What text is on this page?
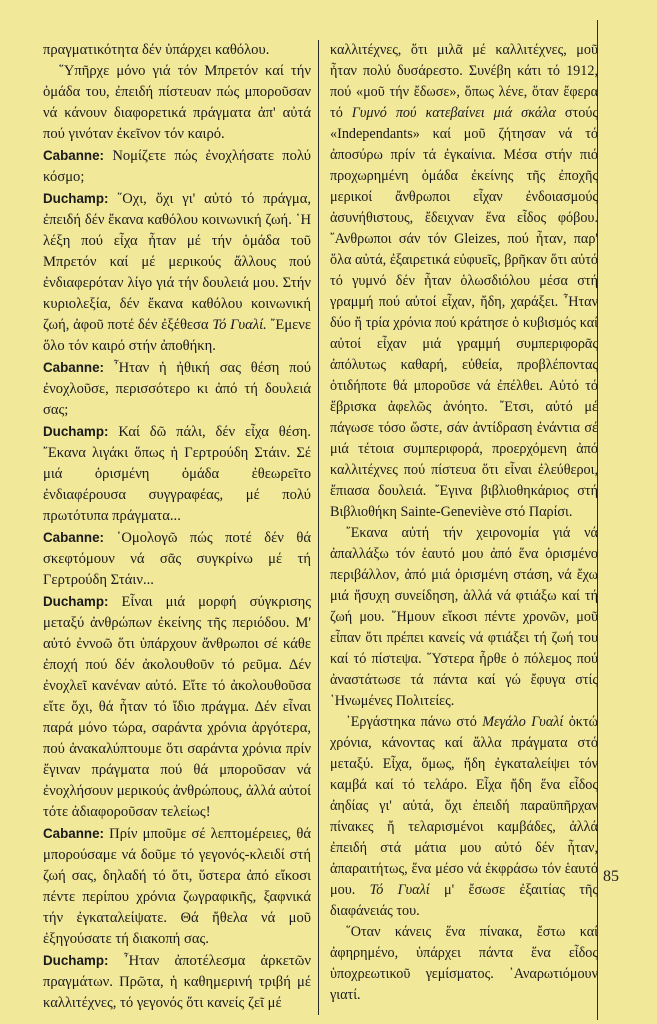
πραγματικότητα δέν ὑπάρχει καθόλου.

῞Υπῆρχε μόνο γιά τόν Μπρετόν καί τήν ὁμάδα του, ἐπειδή πίστευαν πώς μποροῦσαν νά κάνουν διαφορετικά πράγματα ἀπ' αὐτά πού γινόταν ἐκεῖνον τόν καιρό.

Cabanne: Νομίζετε πώς ἐνοχλήσατε πολύ κόσμο;

Duchamp: ῞Οχι, ὄχι γι' αὐτό τό πράγμα, ἐπειδή δέν ἔκανα καθόλου κοινωνική ζωή. ῾Η λέξη πού εἶχα ἦταν μέ τήν ὁμάδα τοῦ Μπρετόν καί μέ μερικούς ἄλλους πού ἐνδιαφερόταν λίγο γιά τήν δουλειά μου. Στήν κυριολεξία, δέν ἔκανα καθόλου κοινωνική ζωή, ἀφοῦ ποτέ δέν ἐξέθεσα Τό Γυαλί. ῎Εμενε ὅλο τόν καιρό στήν ἀποθήκη.

Cabanne: ῏Ηταν ἡ ἠθική σας θέση πού ἐνοχλοῦσε, περισσότερο κι ἀπό τή δουλειά σας;

Duchamp: Καί δῶ πάλι, δέν εἶχα θέση. ῎Εκανα λιγάκι ὅπως ἡ Γερτρούδη Στάιν. Σέ μιά ὁρισμένη ὁμάδα ἐθεωρεῖτο ἐνδιαφέρουσα συγγραφέας, μέ πολύ πρωτότυπα πράγματα...

Cabanne: ῾Ομολογῶ πώς ποτέ δέν θά σκεφτόμουν νά σᾶς συγκρίνω μέ τή Γερτρούδη Στάιν...

Duchamp: Εἶναι μιά μορφή σύγκρισης μεταξύ ἀνθρώπων ἐκείνης τῆς περιόδου. Μ' αὐτό ἐννοῶ ὅτι ὑπάρχουν ἄνθρωποι σέ κάθε ἐποχή πού δέν ἀκολουθοῦν τό ρεῦμα. Δέν ἐνοχλεῖ κανέναν αὐτό. Εἴτε τό ἀκολουθοῦσα εἴτε ὄχι, θά ἦταν τό ἴδιο πράγμα. Δέν εἶναι παρά μόνο τώρα, σαράντα χρόνια ἀργότερα, πού ἀνακαλύπτουμε ὅτι σαράντα χρόνια πρίν ἔγιναν πράγματα πού θά μποροῦσαν νά ἐνοχλήσουν μερικούς ἀνθρώπους, ἀλλά αὐτοί τότε ἀδιαφοροῦσαν τελείως!

Cabanne: Πρίν μποῦμε σέ λεπτομέρειες, θά μπορούσαμε νά δοῦμε τό γεγονός-κλειδί στή ζωή σας, δηλαδή τό ὅτι, ὕστερα ἀπό εἴκοσι πέντε περίπου χρόνια ζωγραφικῆς, ξαφνικά τήν ἐγκαταλείψατε. Θά ἤθελα νά μοῦ ἐξηγούσατε τή διακοπή σας.

Duchamp: ῏Ηταν ἀποτέλεσμα ἀρκετῶν πραγμάτων. Πρῶτα, ἡ καθημερινή τριβή μέ καλλιτέχνες, τό γεγονός ὅτι κανείς ζεῖ μέ

καλλιτέχνες, ὅτι μιλᾶ μέ καλλιτέχνες, μοῦ ἦταν πολύ δυσάρεστο. Συνέβη κάτι τό 1912, πού «μοῦ τήν ἔδωσε», ὅπως λένε, ὅταν ἔφερα τό Γυμνό πού κατεβαίνει μιά σκάλα στούς «Independants» καί μοῦ ζήτησαν νά τό ἀποσύρω πρίν τά ἐγκαίνια. Μέσα στήν πιό προχωρημένη ὁμάδα ἐκείνης τῆς ἐποχῆς μερικοί ἄνθρωποι εἶχαν ἐνδοιασμούς ἀσυνήθιστους, ἔδειχναν ἕνα εἶδος φόβου. ῎Ανθρωποι σάν τόν Gleizes, πού ἦταν, παρ' ὅλα αὐτά, ἐξαιρετικά εὐφυεῖς, βρῆκαν ὅτι αὐτό τό γυμνό δέν ἦταν ὁλωσδιόλου μέσα στή γραμμή πού αὐτοί εἶχαν, ἤδη, χαράξει. ῏Ηταν δύο ἤ τρία χρόνια πού κράτησε ὁ κυβισμός καί αὐτοί εἶχαν μιά γραμμή συμπεριφορᾶς ἀπόλυτως καθαρή, εὐθεία, προβλέποντας ὁτιδήποτε θά μποροῦσε νά ἐπέλθει. Αὐτό τό ἔβρισκα ἀφελῶς ἀνόητο. ῎Ετσι, αὐτό μέ πάγωσε τόσο ὥστε, σάν ἀντίδραση ἐνάντια σέ μιά τέτοια συμπεριφορά, προερχόμενη ἀπό καλλιτέχνες πού πίστευα ὅτι εἶναι ἐλεύθεροι, ἔπιασα δουλειά. ῎Εγινα βιβλιοθηκάριος στή Βιβλιοθήκη Sainte-Geneviève στό Παρίσι.

῎Εκανα αὐτή τήν χειρονομία γιά νά ἀπαλλάξω τόν ἑαυτό μου ἀπό ἕνα ὁρισμένο περιβάλλον, ἀπό μιά ὁρισμένη στάση, νά ἔχω μιά ἥσυχη συνείδηση, ἀλλά νά φτιάξω καί τή ζωή μου. ῞Ημουν εἴκοσι πέντε χρονῶν, μοῦ εἶπαν ὅτι πρέπει κανείς νά φτιάξει τή ζωή του καί τό πίστεψα. ῞Υστερα ἦρθε ὁ πόλεμος πού ἀναστάτωσε τά πάντα καί γώ ἔφυγα στίς ῾Ηνωμένες Πολιτείες.

᾿Εργάστηκα πάνω στό Μεγάλο Γυαλί ὀκτώ χρόνια, κάνοντας καί ἄλλα πράγματα στό μεταξύ. Εἶχα, ὅμως, ἤδη ἐγκαταλείψει τόν καμβά καί τό τελάρο. Εἶχα ἤδη ἕνα εἶδος ἀηδίας γι' αὐτά, ὄχι ἐπειδή παραϋπῆρχαν πίνακες ἤ τελαρισμένοι καμβάδες, ἀλλά ἐπειδή στά μάτια μου αὐτό δέν ἦταν, ἀπαραιτήτως, ἕνα μέσο νά ἐκφράσω τόν ἑαυτό μου. Τό Γυαλί μ' ἔσωσε ἐξαιτίας τῆς διαφάνειάς του.

῞Οταν κάνεις ἕνα πίνακα, ἔστω καί ἀφηρημένο, ὑπάρχει πάντα ἕνα εἶδος ὑποχρεωτικοῦ γεμίσματος. ᾿Αναρωτιόμουν γιατί.

85
